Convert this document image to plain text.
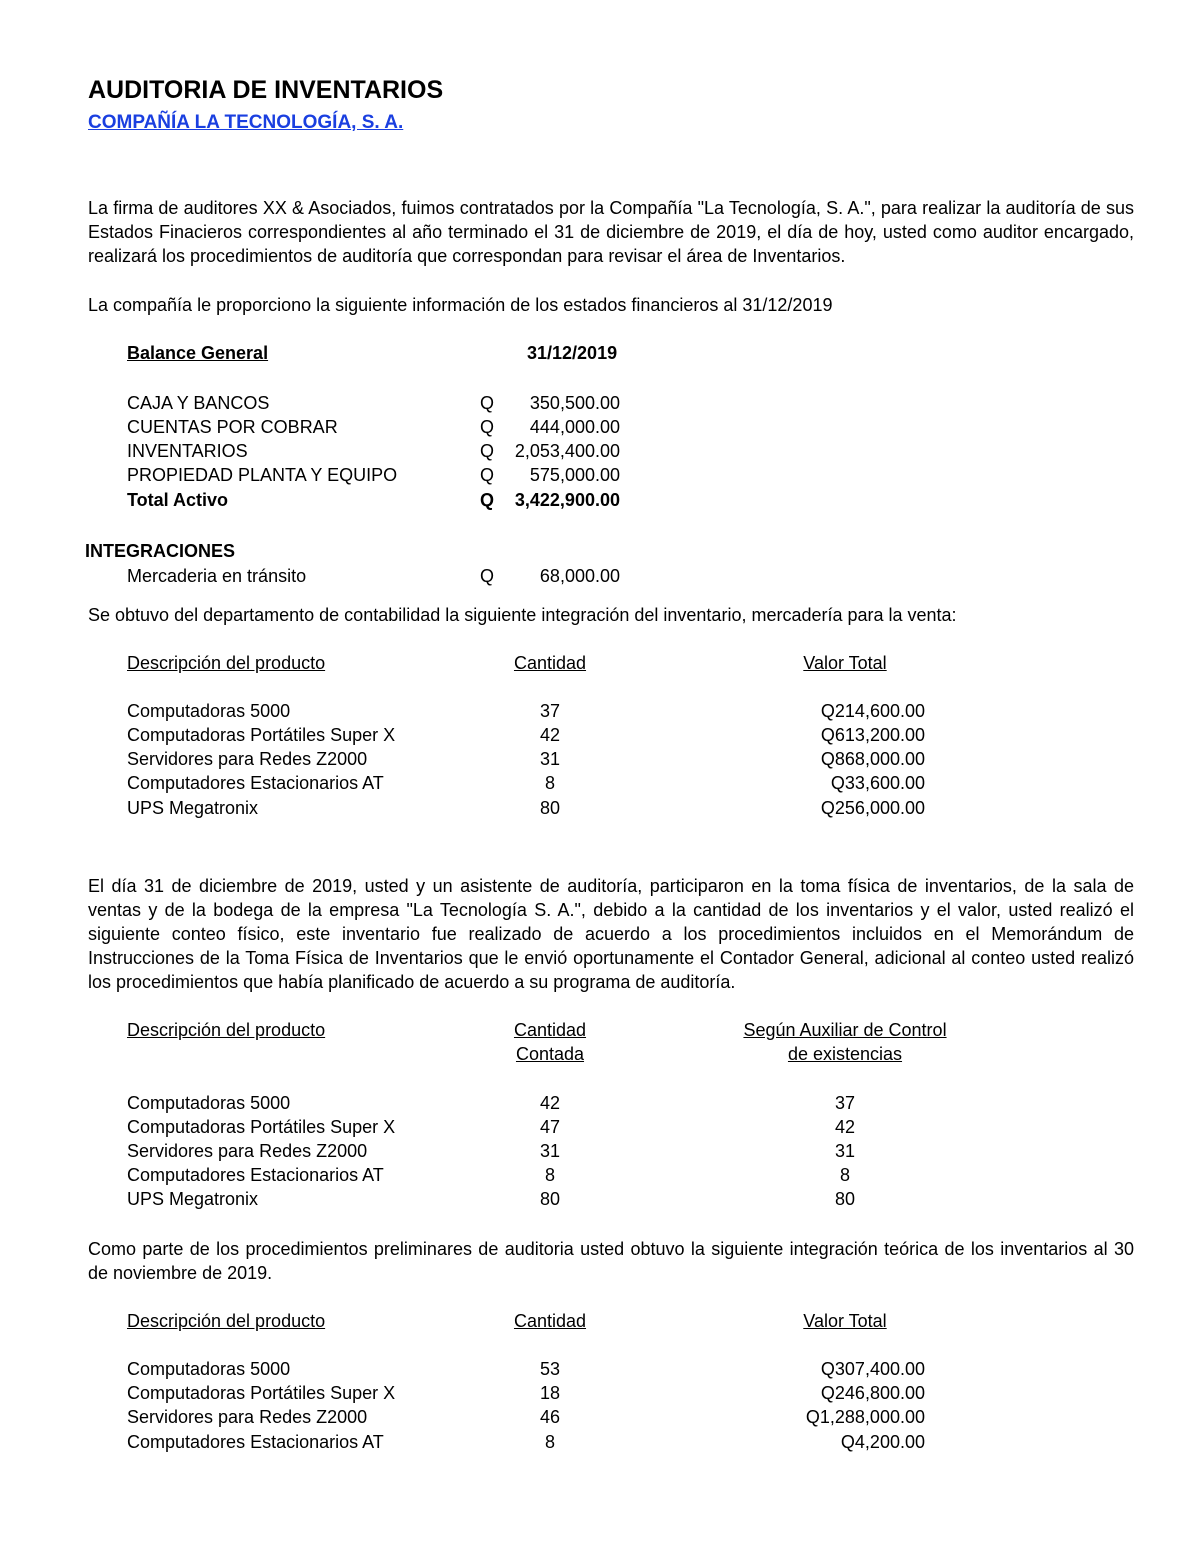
AUDITORIA DE INVENTARIOS
COMPAÑÍA LA TECNOLOGÍA, S. A.
La firma de auditores XX & Asociados, fuimos contratados por la Compañía "La Tecnología, S. A.", para realizar la auditoría de sus Estados Finacieros correspondientes al año terminado el 31 de diciembre de 2019, el día de hoy, usted como auditor encargado, realizará los procedimientos de auditoría que correspondan para revisar el área de Inventarios.
La compañía le proporciono la siguiente información de los estados financieros al 31/12/2019
Balance General	31/12/2019
CAJA Y BANCOS	Q	350,500.00
CUENTAS POR COBRAR	Q	444,000.00
INVENTARIOS	Q	2,053,400.00
PROPIEDAD PLANTA Y EQUIPO	Q	575,000.00
Total Activo	Q	3,422,900.00
INTEGRACIONES
Mercaderia en tránsito	Q	68,000.00
Se obtuvo del departamento de contabilidad la siguiente integración del inventario, mercadería para la venta:
Descripción del producto	Cantidad	Valor Total
Computadoras 5000	37	Q214,600.00
Computadoras Portátiles Super X	42	Q613,200.00
Servidores para Redes Z2000	31	Q868,000.00
Computadores Estacionarios AT	8	Q33,600.00
UPS Megatronix	80	Q256,000.00
El día 31 de diciembre de 2019, usted y un asistente de auditoría, participaron en la toma física de inventarios, de la sala de ventas y de la bodega de la empresa "La Tecnología S. A.", debido a la cantidad de los inventarios y el valor, usted realizó el siguiente conteo físico, este inventario fue realizado de acuerdo a los procedimientos incluidos en el Memorándum de Instrucciones de la Toma Física de Inventarios que le envió oportunamente el Contador General, adicional al conteo usted realizó los procedimientos que había planificado de acuerdo a su programa de auditoría.
Descripción del producto	Cantidad
Contada
Según Auxiliar de Control
de existencias
Computadoras 5000	42	37
Computadoras Portátiles Super X	47	42
Servidores para Redes Z2000	31	31
Computadores Estacionarios AT	8	8
UPS Megatronix	80	80
Como parte de los procedimientos preliminares de auditoria usted obtuvo la siguiente integración teórica de los inventarios al 30 de noviembre de 2019.
Descripción del producto	Cantidad	Valor Total
Computadoras 5000	53	Q307,400.00
Computadoras Portátiles Super X	18	Q246,800.00
Servidores para Redes Z2000	46	Q1,288,000.00
Computadores Estacionarios AT	8	Q4,200.00
